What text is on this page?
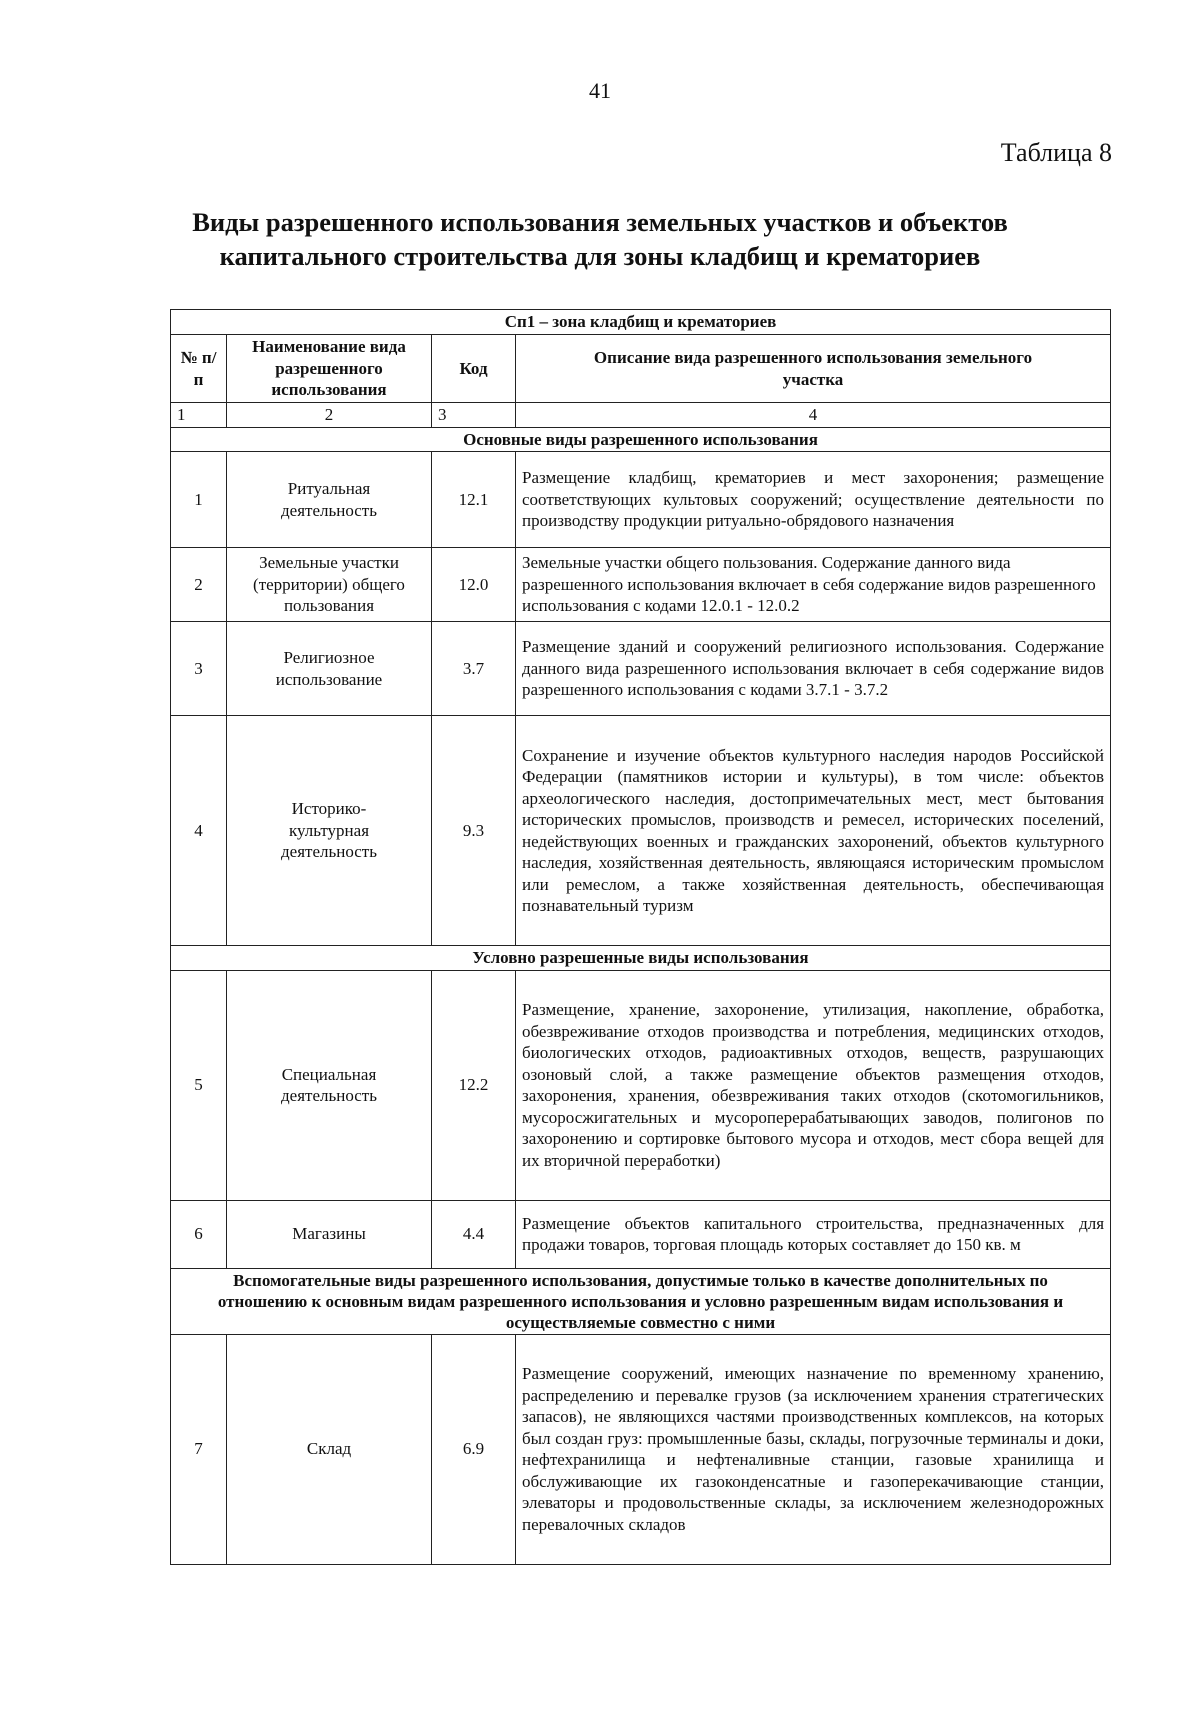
41
Таблица 8
Виды разрешенного использования земельных участков и объектов
капитального строительства для зоны кладбищ и крематориев
Сп1 – зона кладбищ и крематориев			
№ п/п	Наименование вида разрешенного использования	Код	Описание вида разрешенного использования земельного участка
1	2	3	4
Основные виды разрешенного использования			
1	Ритуальная деятельность	12.1	Размещение кладбищ, крематориев и мест захоронения; размещение соответствующих культовых сооружений; осуществление деятельности по производству продукции ритуально-обрядового назначения
2	Земельные участки (территории) общего пользования	12.0	Земельные участки общего пользования. Содержание данного вида разрешенного использования включает в себя содержание видов разрешенного использования с кодами 12.0.1 - 12.0.2
3	Религиозное использование	3.7	Размещение зданий и сооружений религиозного использования. Содержание данного вида разрешенного использования включает в себя содержание видов разрешенного использования с кодами 3.7.1 - 3.7.2
4	Историко-культурная деятельность	9.3	Сохранение и изучение объектов культурного наследия народов Российской Федерации (памятников истории и культуры), в том числе: объектов археологического наследия, достопримечательных мест, мест бытования исторических промыслов, производств и ремесел, исторических поселений, недействующих военных и гражданских захоронений, объектов культурного наследия, хозяйственная деятельность, являющаяся историческим промыслом или ремеслом, а также хозяйственная деятельность, обеспечивающая познавательный туризм
Условно разрешенные виды использования			
5	Специальная деятельность	12.2	Размещение, хранение, захоронение, утилизация, накопление, обработка, обезвреживание отходов производства и потребления, медицинских отходов, биологических отходов, радиоактивных отходов, веществ, разрушающих озоновый слой, а также размещение объектов размещения отходов, захоронения, хранения, обезвреживания таких отходов (скотомогильников, мусоросжигательных и мусороперерабатывающих заводов, полигонов по захоронению и сортировке бытового мусора и отходов, мест сбора вещей для их вторичной переработки)
6	Магазины	4.4	Размещение объектов капитального строительства, предназначенных для продажи товаров, торговая площадь которых составляет до 150 кв. м
Вспомогательные виды разрешенного использования, допустимые только в качестве дополнительных по отношению к основным видам разрешенного использования и условно разрешенным видам использования и осуществляемые совместно с ними			
7	Склад	6.9	Размещение сооружений, имеющих назначение по временному хранению, распределению и перевалке грузов (за исключением хранения стратегических запасов), не являющихся частями производственных комплексов, на которых был создан груз: промышленные базы, склады, погрузочные терминалы и доки, нефтехранилища и нефтеналивные станции, газовые хранилища и обслуживающие их газоконденсатные и газоперекачивающие станции, элеваторы и продовольственные склады, за исключением железнодорожных перевалочных складов
